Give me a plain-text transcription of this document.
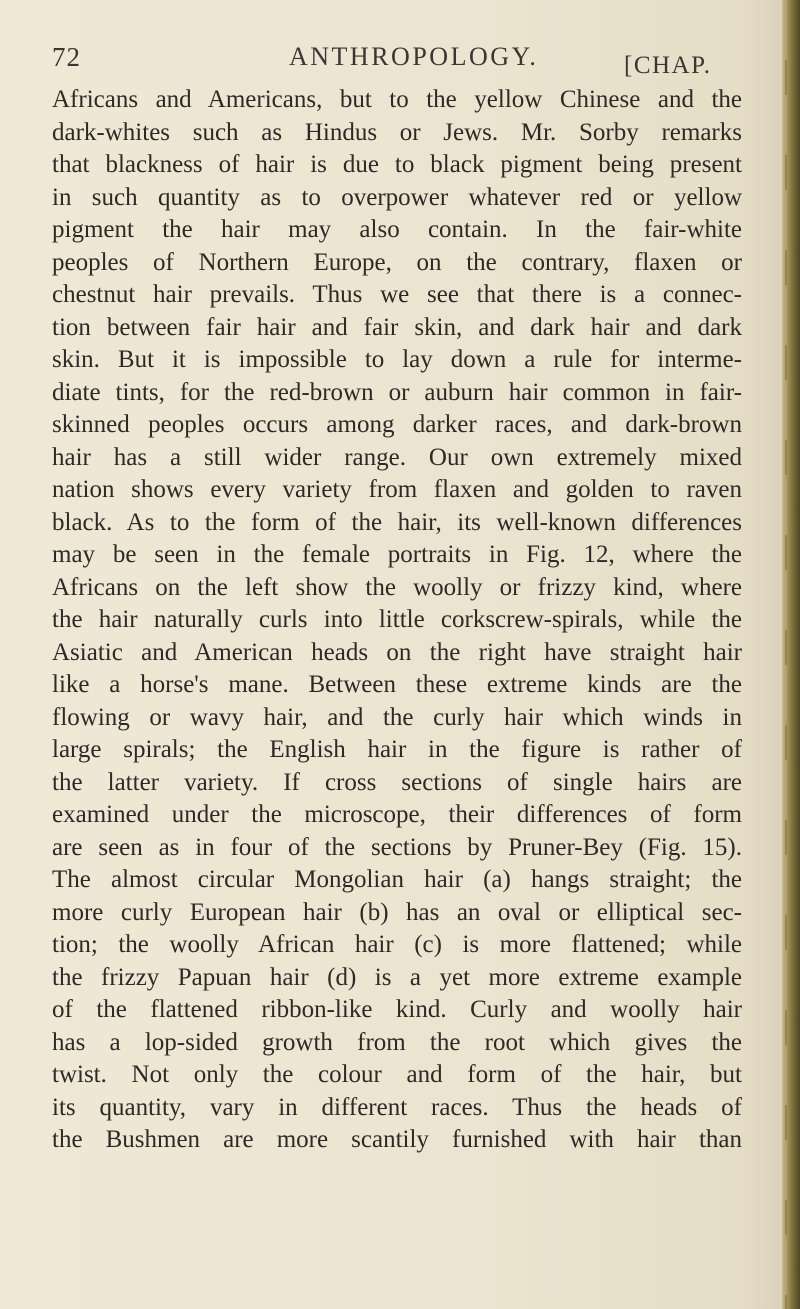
72	ANTHROPOLOGY.	[CHAP.
Africans and Americans, but to the yellow Chinese and the
dark-whites such as Hindus or Jews. Mr. Sorby remarks
that blackness of hair is due to black pigment being present
in such quantity as to overpower whatever red or yellow
pigment the hair may also contain. In the fair-white
peoples of Northern Europe, on the contrary, flaxen or
chestnut hair prevails. Thus we see that there is a connec-
tion between fair hair and fair skin, and dark hair and dark
skin. But it is impossible to lay down a rule for interme-
diate tints, for the red-brown or auburn hair common in fair-
skinned peoples occurs among darker races, and dark-brown
hair has a still wider range. Our own extremely mixed
nation shows every variety from flaxen and golden to raven
black. As to the form of the hair, its well-known differences
may be seen in the female portraits in Fig. 12, where the
Africans on the left show the woolly or frizzy kind, where
the hair naturally curls into little corkscrew-spirals, while the
Asiatic and American heads on the right have straight hair
like a horse's mane. Between these extreme kinds are the
flowing or wavy hair, and the curly hair which winds in
large spirals; the English hair in the figure is rather of
the latter variety. If cross sections of single hairs are
examined under the microscope, their differences of form
are seen as in four of the sections by Pruner-Bey (Fig. 15).
The almost circular Mongolian hair (a) hangs straight; the
more curly European hair (b) has an oval or elliptical sec-
tion; the woolly African hair (c) is more flattened; while
the frizzy Papuan hair (d) is a yet more extreme example
of the flattened ribbon-like kind. Curly and woolly hair
has a lop-sided growth from the root which gives the
twist. Not only the colour and form of the hair, but
its quantity, vary in different races. Thus the heads of
the Bushmen are more scantily furnished with hair than
